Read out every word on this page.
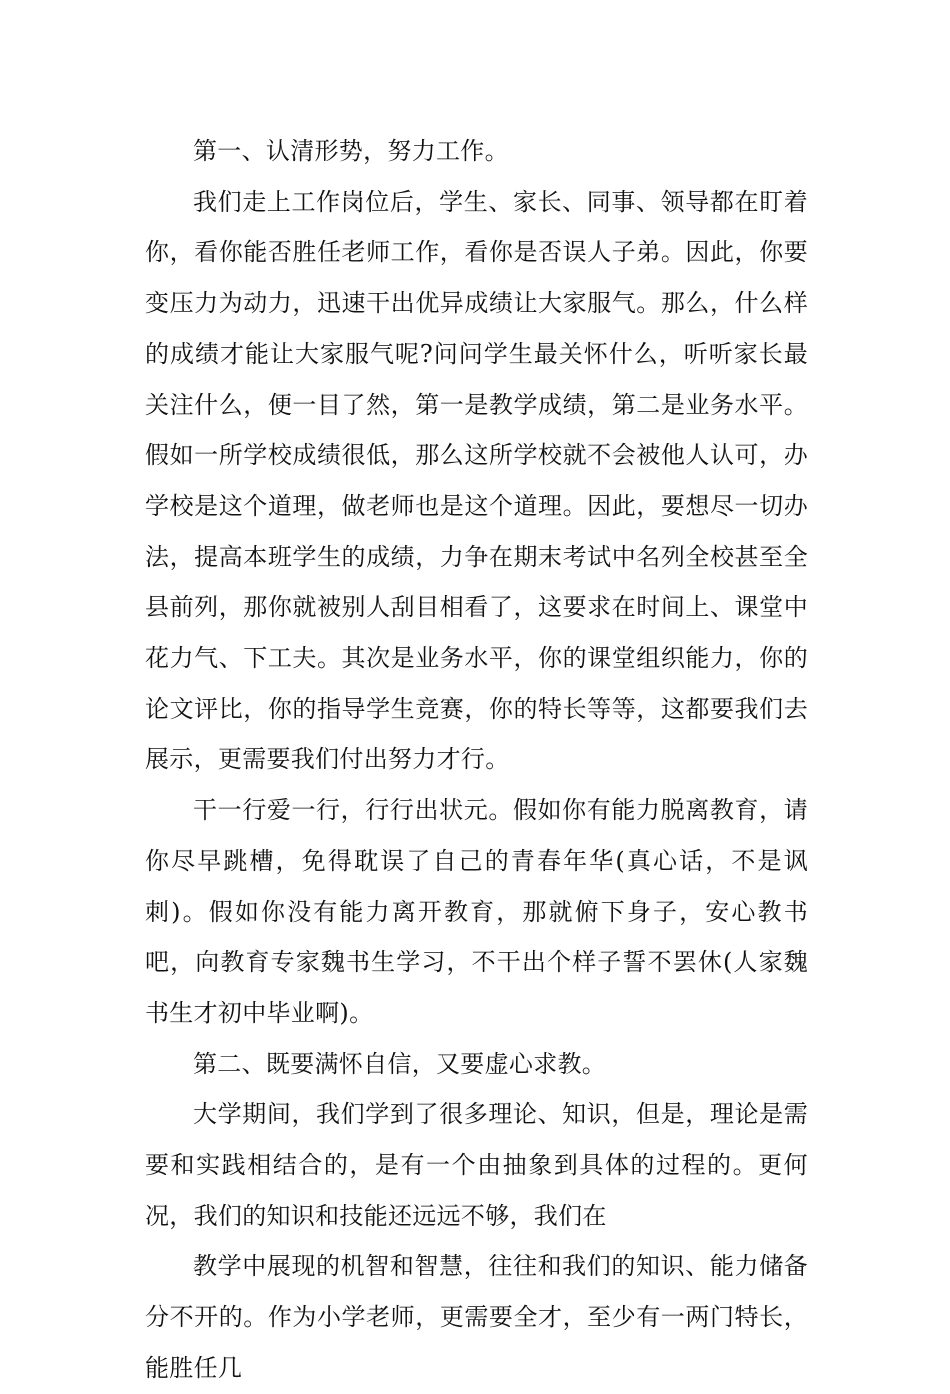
第一、认清形势，努力工作。

我们走上工作岗位后，学生、家长、同事、领导都在盯着你，看你能否胜任老师工作，看你是否误人子弟。因此，你要变压力为动力，迅速干出优异成绩让大家服气。那么，什么样的成绩才能让大家服气呢?问问学生最关怀什么，听听家长最关注什么，便一目了然，第一是教学成绩，第二是业务水平。假如一所学校成绩很低，那么这所学校就不会被他人认可，办学校是这个道理，做老师也是这个道理。因此，要想尽一切办法，提高本班学生的成绩，力争在期末考试中名列全校甚至全县前列，那你就被别人刮目相看了，这要求在时间上、课堂中花力气、下工夫。其次是业务水平，你的课堂组织能力，你的论文评比，你的指导学生竞赛，你的特长等等，这都要我们去展示，更需要我们付出努力才行。

干一行爱一行，行行出状元。假如你有能力脱离教育，请你尽早跳槽，免得耽误了自己的青春年华(真心话，不是讽刺)。假如你没有能力离开教育，那就俯下身子，安心教书吧，向教育专家魏书生学习，不干出个样子誓不罢休(人家魏书生才初中毕业啊)。

第二、既要满怀自信，又要虚心求教。

大学期间，我们学到了很多理论、知识，但是，理论是需要和实践相结合的，是有一个由抽象到具体的过程的。更何况，我们的知识和技能还远远不够，我们在

教学中展现的机智和智慧，往往和我们的知识、能力储备分不开的。作为小学老师，更需要全才，至少有一两门特长，能胜任几
